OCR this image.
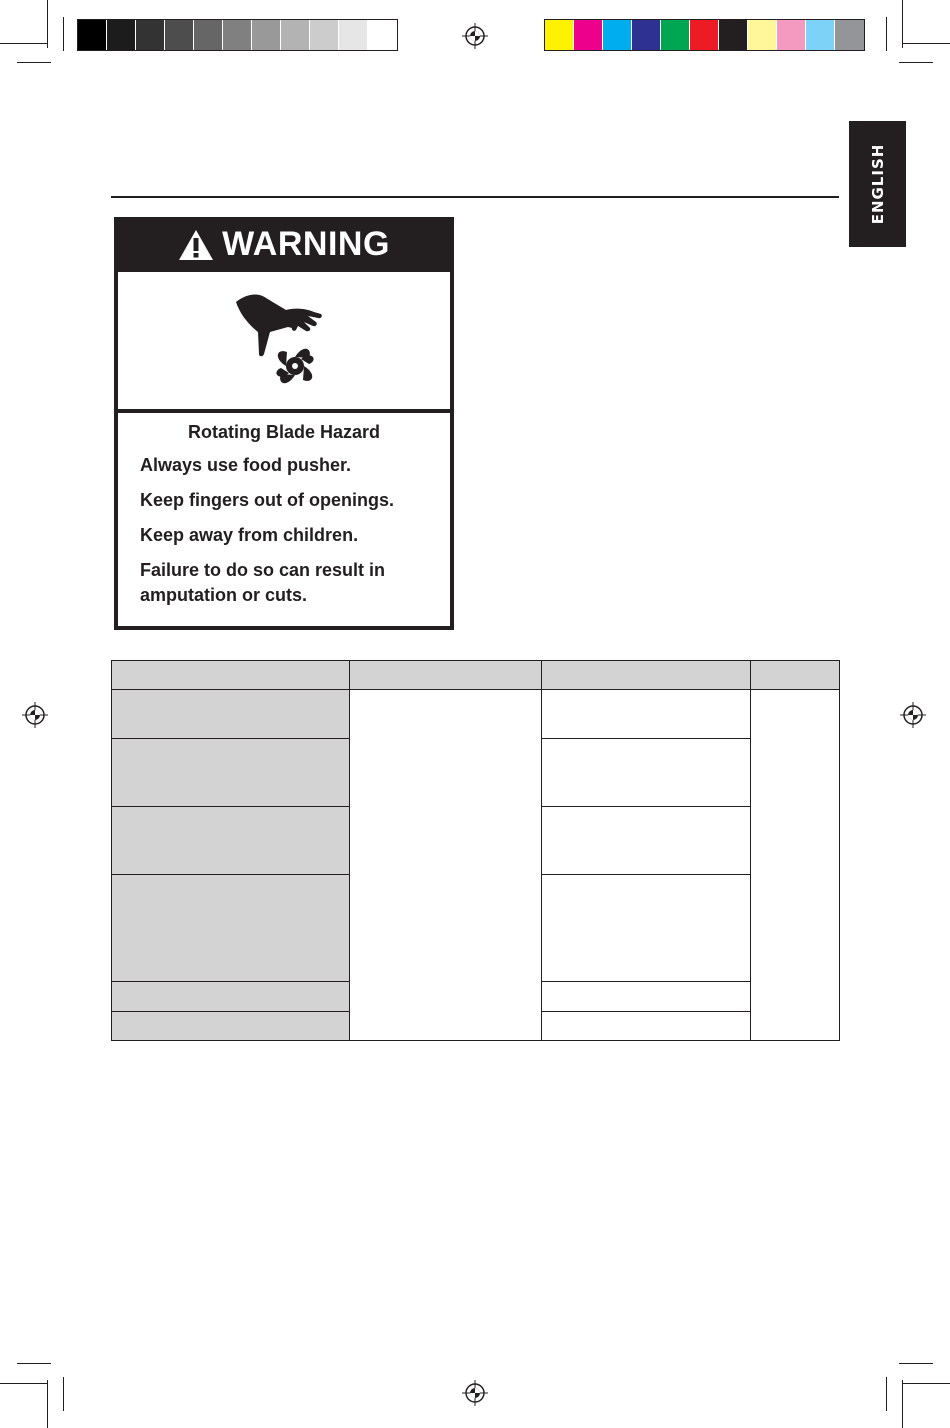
ENGLISH
WARNING
Rotating Blade Hazard
Always use food pusher.
Keep fingers out of openings.
Keep away from children.
Failure to do so can result in amputation or cuts.
